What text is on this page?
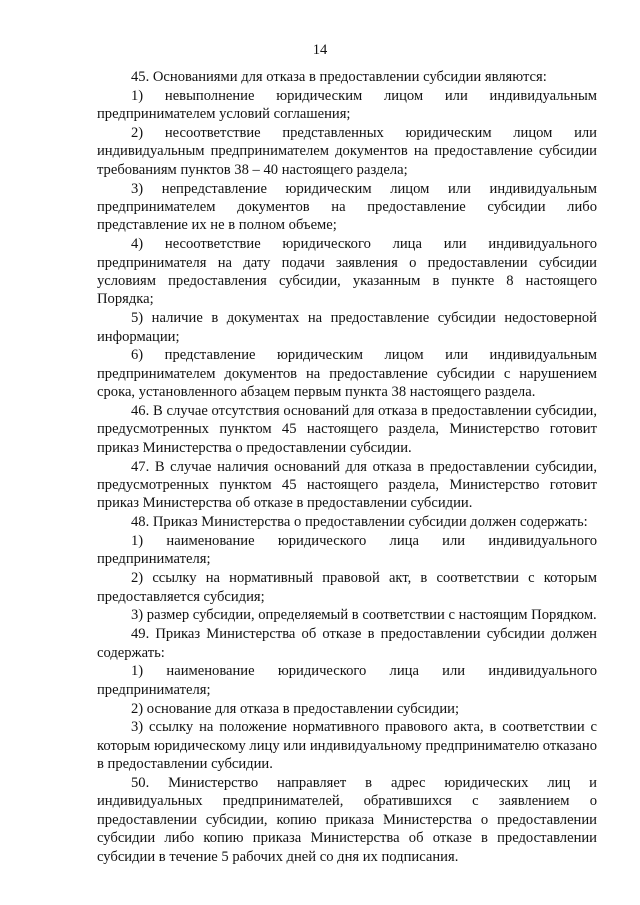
14

45. Основаниями для отказа в предоставлении субсидии являются:

1) невыполнение юридическим лицом или индивидуальным предпринимателем условий соглашения;

2) несоответствие представленных юридическим лицом или индивидуальным предпринимателем документов на предоставление субсидии требованиям пунктов 38 – 40 настоящего раздела;

3) непредставление юридическим лицом или индивидуальным предпринимателем документов на предоставление субсидии либо представление их не в полном объеме;

4) несоответствие юридического лица или индивидуального предпринимателя на дату подачи заявления о предоставлении субсидии условиям предоставления субсидии, указанным в пункте 8 настоящего Порядка;

5) наличие в документах на предоставление субсидии недостоверной информации;

6) представление юридическим лицом или индивидуальным предпринимателем документов на предоставление субсидии с нарушением срока, установленного абзацем первым пункта 38 настоящего раздела.

46. В случае отсутствия оснований для отказа в предоставлении субсидии, предусмотренных пунктом 45 настоящего раздела, Министерство готовит приказ Министерства о предоставлении субсидии.

47. В случае наличия оснований для отказа в предоставлении субсидии, предусмотренных пунктом 45 настоящего раздела, Министерство готовит приказ Министерства об отказе в предоставлении субсидии.

48. Приказ Министерства о предоставлении субсидии должен содержать:

1) наименование юридического лица или индивидуального предпринимателя;

2) ссылку на нормативный правовой акт, в соответствии с которым предоставляется субсидия;

3) размер субсидии, определяемый в соответствии с настоящим Порядком.

49. Приказ Министерства об отказе в предоставлении субсидии должен содержать:

1) наименование юридического лица или индивидуального предпринимателя;

2) основание для отказа в предоставлении субсидии;

3) ссылку на положение нормативного правового акта, в соответствии с которым юридическому лицу или индивидуальному предпринимателю отказано в предоставлении субсидии.

50. Министерство направляет в адрес юридических лиц и индивидуальных предпринимателей, обратившихся с заявлением о предоставлении субсидии, копию приказа Министерства о предоставлении субсидии либо копию приказа Министерства об отказе в предоставлении субсидии в течение 5 рабочих дней со дня их подписания.
